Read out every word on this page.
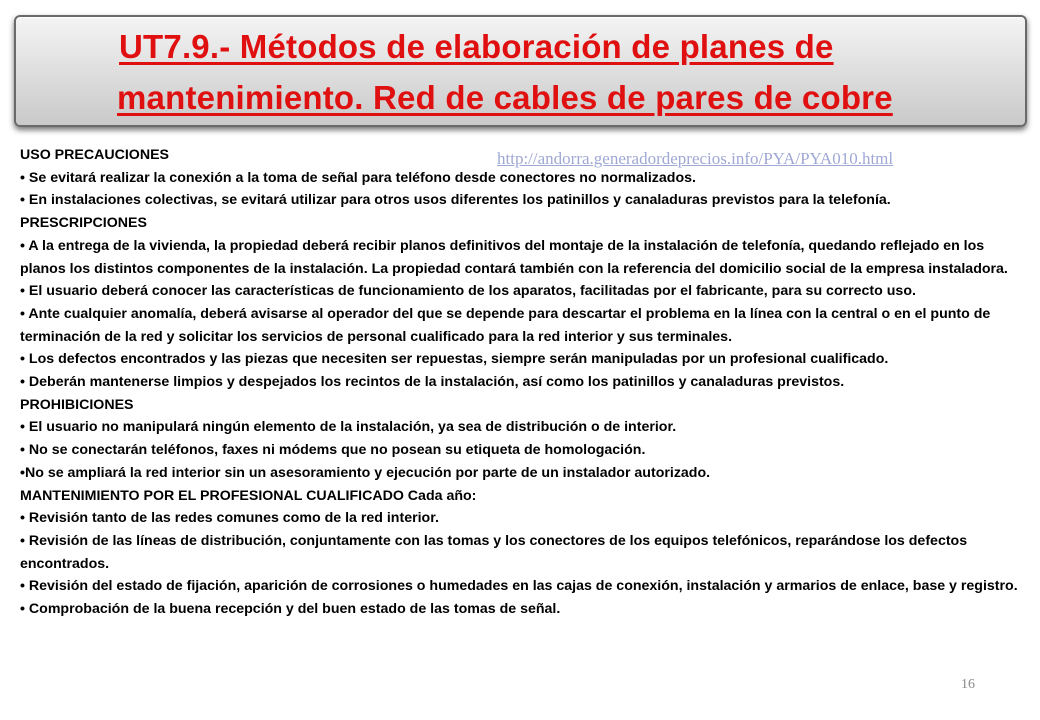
UT7.9.- Métodos de elaboración de planes de
mantenimiento. Red de cables de pares de cobre

USO PRECAUCIONES

• Se evitará realizar la conexión a la toma de señal para teléfono desde conectores no normalizados.

• En instalaciones colectivas, se evitará utilizar para otros usos diferentes los patinillos y canaladuras previstos para la telefonía.

PRESCRIPCIONES

• A la entrega de la vivienda, la propiedad deberá recibir planos definitivos del montaje de la instalación de telefonía, quedando reflejado en los planos los distintos componentes de la instalación. La propiedad contará también con la referencia del domicilio social de la empresa instaladora.

• El usuario deberá conocer las características de funcionamiento de los aparatos, facilitadas por el fabricante, para su correcto uso.

• Ante cualquier anomalía, deberá avisarse al operador del que se depende para descartar el problema en la línea con la central o en el punto de terminación de la red y solicitar los servicios de personal cualificado para la red interior y sus terminales.

• Los defectos encontrados y las piezas que necesiten ser repuestas, siempre serán manipuladas por un profesional cualificado.

• Deberán mantenerse limpios y despejados los recintos de la instalación, así como los patinillos y canaladuras previstos.

PROHIBICIONES

• El usuario no manipulará ningún elemento de la instalación, ya sea de distribución o de interior.

• No se conectarán teléfonos, faxes ni módems que no posean su etiqueta de homologación.

•No se ampliará la red interior sin un asesoramiento y ejecución por parte de un instalador autorizado.

MANTENIMIENTO POR EL PROFESIONAL CUALIFICADO Cada año:

• Revisión tanto de las redes comunes como de la red interior.

• Revisión de las líneas de distribución, conjuntamente con las tomas y los conectores de los equipos telefónicos, reparándose los defectos encontrados.

• Revisión del estado de fijación, aparición de corrosiones o humedades en las cajas de conexión, instalación y armarios de enlace, base y registro.

• Comprobación de la buena recepción y del buen estado de las tomas de señal.

http://andorra.generadordeprecios.info/PYA/PYA010.html
16
